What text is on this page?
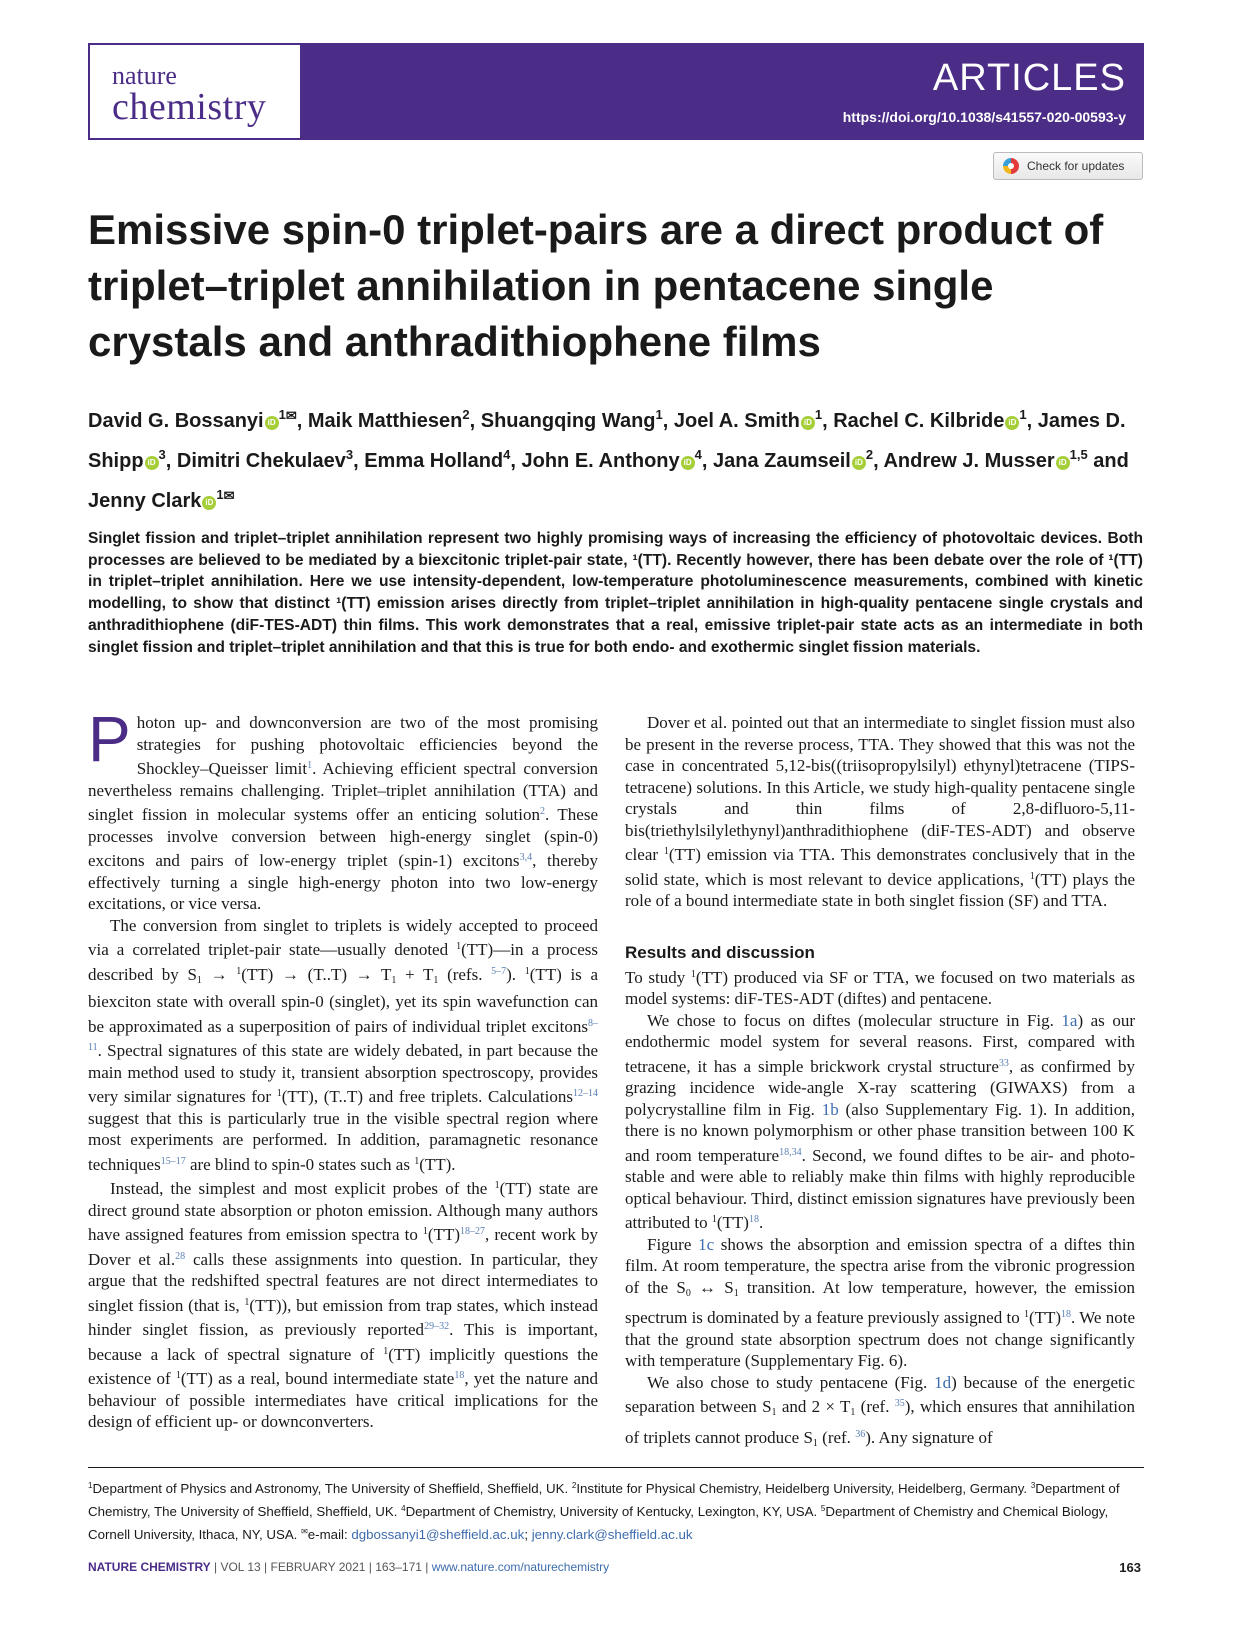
nature
chemistry
ARTICLES
https://doi.org/10.1038/s41557-020-00593-y
Check for updates
Emissive spin-0 triplet-pairs are a direct product of triplet–triplet annihilation in pentacene single crystals and anthradithiophene films
David G. Bossanyi iD$^{1✉}$, Maik Matthiesen$^2$, Shuangqing Wang$^1$, Joel A. Smith iD$^1$, Rachel C. Kilbride iD$^1$, James D. Shipp iD$^3$, Dimitri Chekulaev$^3$, Emma Holland$^4$, John E. Anthony iD$^4$, Jana Zaumseil iD$^2$, Andrew J. Musser iD$^{1,5}$ and Jenny Clark iD$^{1✉}$

Singlet fission and triplet–triplet annihilation represent two highly promising ways of increasing the efficiency of photovoltaic devices. Both processes are believed to be mediated by a biexcitonic triplet-pair state, ¹(TT). Recently however, there has been debate over the role of ¹(TT) in triplet–triplet annihilation. Here we use intensity-dependent, low-temperature photoluminescence measurements, combined with kinetic modelling, to show that distinct ¹(TT) emission arises directly from triplet–triplet annihilation in high-quality pentacene single crystals and anthradithiophene (diF-TES-ADT) thin films. This work demonstrates that a real, emissive triplet-pair state acts as an intermediate in both singlet fission and triplet–triplet annihilation and that this is true for both endo- and exothermic singlet fission materials.

Photon up- and downconversion are two of the most promising strategies for pushing photovoltaic efficiencies beyond the Shockley–Queisser limit$^1$. Achieving efficient spectral conversion nevertheless remains challenging. Triplet–triplet annihilation (TTA) and singlet fission in molecular systems offer an enticing solution$^2$. These processes involve conversion between high-energy singlet (spin-0) excitons and pairs of low-energy triplet (spin-1) excitons$^{3,4}$, thereby effectively turning a single high-energy photon into two low-energy excitations, or vice versa.

The conversion from singlet to triplets is widely accepted to proceed via a correlated triplet-pair state—usually denoted $^1$(TT)—in a process described by $S_1 \to ^1(TT) \to (T..T) \to T_1 + T_1$ (refs. $^{5-7}$). $^1$(TT) is a biexciton state with overall spin-0 (singlet), yet its spin wavefunction can be approximated as a superposition of pairs of individual triplet excitons$^{8-11}$. Spectral signatures of this state are widely debated, in part because the main method used to study it, transient absorption spectroscopy, provides very similar signatures for $^1$(TT), (T..T) and free triplets. Calculations$^{12-14}$ suggest that this is particularly true in the visible spectral region where most experiments are performed. In addition, paramagnetic resonance techniques$^{15-17}$ are blind to spin-0 states such as $^1$(TT).

Instead, the simplest and most explicit probes of the $^1$(TT) state are direct ground state absorption or photon emission. Although many authors have assigned features from emission spectra to $^1$(TT)$^{18-27}$, recent work by Dover et al.$^{28}$ calls these assignments into question. In particular, they argue that the redshifted spectral features are not direct intermediates to singlet fission (that is, $^1$(TT)), but emission from trap states, which instead hinder singlet fission, as previously reported$^{29-32}$. This is important, because a lack of spectral signature of $^1$(TT) implicitly questions the existence of $^1$(TT) as a real, bound intermediate state$^{18}$, yet the nature and behaviour of possible intermediates have critical implications for the design of efficient up- or downconverters.

Dover et al. pointed out that an intermediate to singlet fission must also be present in the reverse process, TTA. They showed that this was not the case in concentrated 5,12-bis((triisopropylsilyl) ethynyl)tetracene (TIPS-tetracene) solutions. In this Article, we study high-quality pentacene single crystals and thin films of 2,8-difluoro-5,11-bis(triethylsilylethynyl)anthradithiophene (diF-TES-ADT) and observe clear $^1$(TT) emission via TTA. This demonstrates conclusively that in the solid state, which is most relevant to device applications, $^1$(TT) plays the role of a bound intermediate state in both singlet fission (SF) and TTA.

Results and discussion

To study $^1$(TT) produced via SF or TTA, we focused on two materials as model systems: diF-TES-ADT (diftes) and pentacene.

We chose to focus on diftes (molecular structure in Fig. 1a) as our endothermic model system for several reasons. First, compared with tetracene, it has a simple brickwork crystal structure$^{33}$, as confirmed by grazing incidence wide-angle X-ray scattering (GIWAXS) from a polycrystalline film in Fig. 1b (also Supplementary Fig. 1). In addition, there is no known polymorphism or other phase transition between 100 K and room temperature$^{18,34}$. Second, we found diftes to be air- and photo-stable and were able to reliably make thin films with highly reproducible optical behaviour. Third, distinct emission signatures have previously been attributed to $^1$(TT)$^{18}$.

Figure 1c shows the absorption and emission spectra of a diftes thin film. At room temperature, the spectra arise from the vibronic progression of the $S_0$ ↔ $S_1$ transition. At low temperature, however, the emission spectrum is dominated by a feature previously assigned to $^1$(TT)$^{18}$. We note that the ground state absorption spectrum does not change significantly with temperature (Supplementary Fig. 6).

We also chose to study pentacene (Fig. 1d) because of the energetic separation between $S_1$ and $2 \times T_1$ (ref. $^{35}$), which ensures that annihilation of triplets cannot produce $S_1$ (ref. $^{36}$). Any signature of

$^1$Department of Physics and Astronomy, The University of Sheffield, Sheffield, UK. $^2$Institute for Physical Chemistry, Heidelberg University, Heidelberg, Germany. $^3$Department of Chemistry, The University of Sheffield, Sheffield, UK. $^4$Department of Chemistry, University of Kentucky, Lexington, KY, USA. $^5$Department of Chemistry and Chemical Biology, Cornell University, Ithaca, NY, USA. ✉e-mail: dgbossanyi1@sheffield.ac.uk; jenny.clark@sheffield.ac.uk
NATURE CHEMISTRY | VOL 13 | FEBRUARY 2021 | 163–171 | www.nature.com/naturechemistry	163
